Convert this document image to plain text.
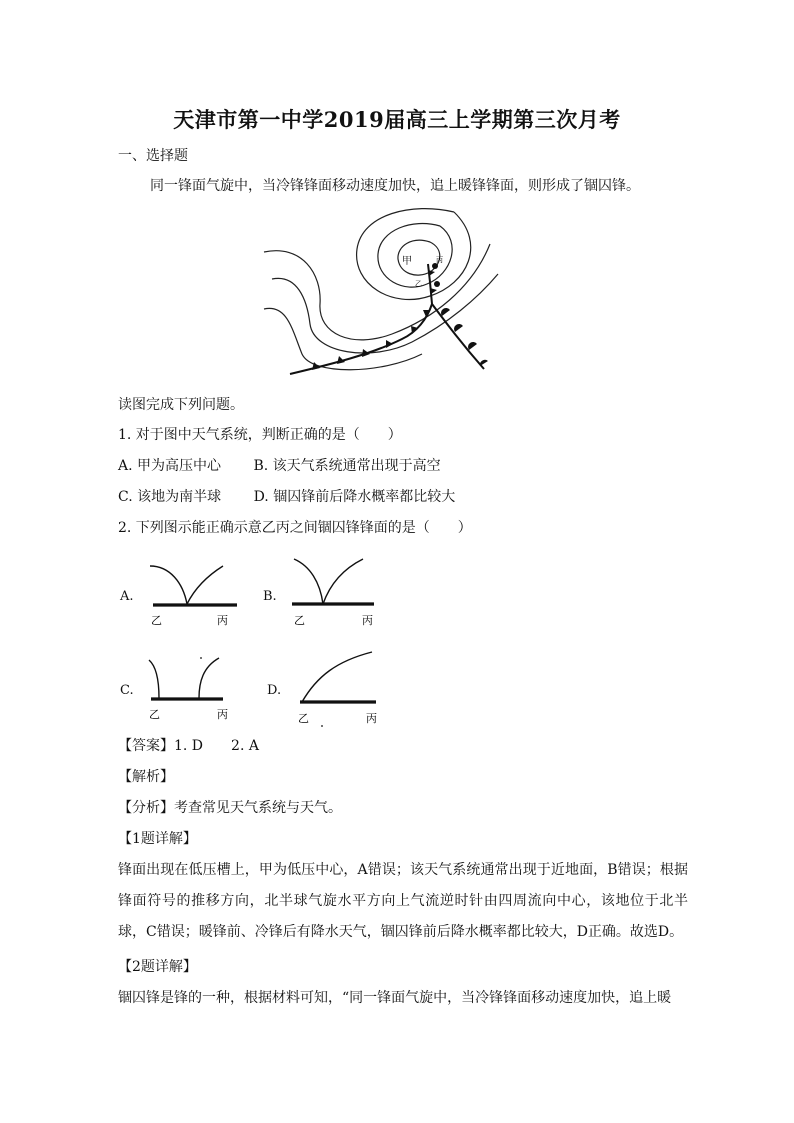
天津市第一中学2019届高三上学期第三次月考
一、选择题
同一锋面气旋中，当冷锋锋面移动速度加快，追上暖锋锋面，则形成了锢囚锋。
甲
乙
丙
读图完成下列问题。
1. 对于图中天气系统，判断正确的是（　　）
A. 甲为高压中心　　 B. 该天气系统通常出现于高空
C. 该地为南半球　　 D. 锢囚锋前后降水概率都比较大
2. 下列图示能正确示意乙丙之间锢囚锋锋面的是（　　）
A.
乙	丙
B.
乙	丙
C.
乙	丙
D.
乙	丙
【答案】1. D　　2. A
【解析】
【分析】考查常见天气系统与天气。
【1题详解】
锋面出现在低压槽上，甲为低压中心，A错误；该天气系统通常出现于近地面，B错误；根据锋面符号的推移方向，北半球气旋水平方向上气流逆时针由四周流向中心，该地位于北半球，C错误；暖锋前、冷锋后有降水天气，锢囚锋前后降水概率都比较大，D正确。故选D。
【2题详解】
锢囚锋是锋的一种，根据材料可知，“同一锋面气旋中，当冷锋锋面移动速度加快，追上暖
